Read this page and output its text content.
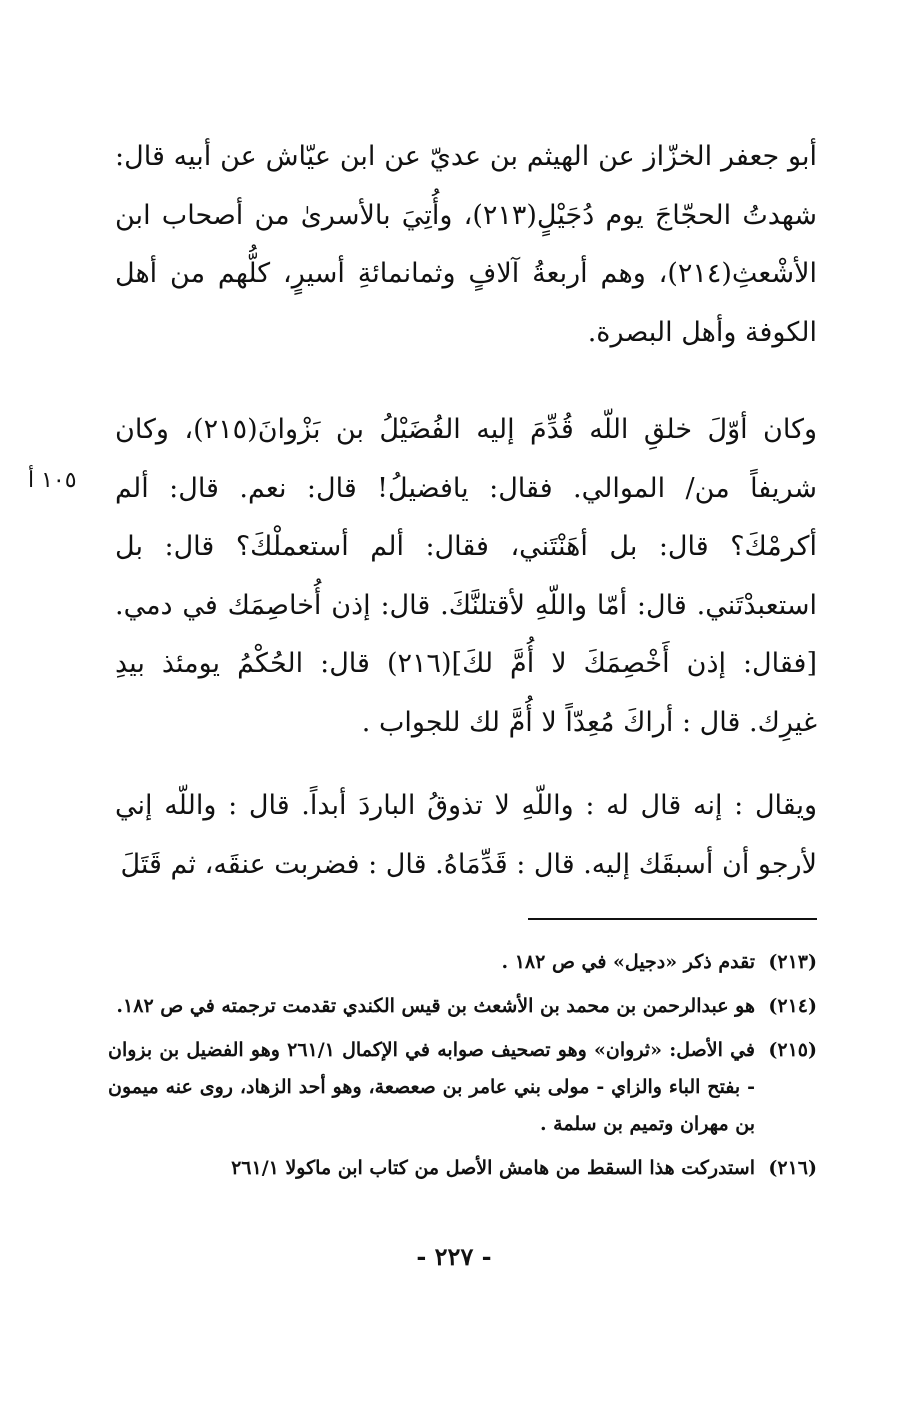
أبو جعفر الخزّاز عن الهيثم بن عديّ عن ابن عيّاش عن أبيه قال: شهدتُ الحجّاجَ يوم دُجَيْلٍ(٢١٣)، وأُتِيَ بالأسرىٰ من أصحاب ابن الأشْعثِ(٢١٤)، وهم أربعةُ آلافٍ وثمانمائةِ أسيرٍ، كلُّهم من أهل الكوفة وأهل البصرة.

وكان أوّلَ خلقِ اللّه قُدِّمَ إليه الفُضَيْلُ بن بَزْوانَ(٢١٥)، وكان شريفاً من/ الموالي. فقال: يافضيلُ! قال: نعم. قال: ألم أكرمْكَ؟ قال: بل أهَنْتَني، فقال: ألم أستعملْكَ؟ قال: بل استعبدْتَني. قال: أمّا واللّهِ لأقتلنَّكَ. قال: إذن أُخاصِمَك في دمي. [فقال: إذن أَخْصِمَكَ لا أُمَّ لكَ](٢١٦) قال: الحُكْمُ يومئذ بيدِ غيرِك. قال : أراكَ مُعِدّاً لا أُمَّ لك للجواب .

١٠٥ أ

ويقال : إنه قال له : واللّهِ لا تذوقُ الباردَ أبداً. قال : واللّه إني لأرجو أن أسبقَك إليه. قال : قَدِّمَاهُ. قال : فضربت عنقَه، ثم قَتَلَ

(٢١٣)
تقدم ذكر «دجيل» في ص ١٨٢ .
(٢١٤)
هو عبدالرحمن بن محمد بن الأشعث بن قيس الكندي تقدمت ترجمته في ص ١٨٢.
(٢١٥)
في الأصل: «ثروان» وهو تصحيف صوابه في الإكمال ٢٦١/١ وهو الفضيل بن بزوان - بفتح الباء والزاي - مولى بني عامر بن صعصعة، وهو أحد الزهاد، روى عنه ميمون بن مهران وتميم بن سلمة .
(٢١٦)
استدركت هذا السقط من هامش الأصل من كتاب ابن ماكولا ٢٦١/١
- ٢٢٧ -
